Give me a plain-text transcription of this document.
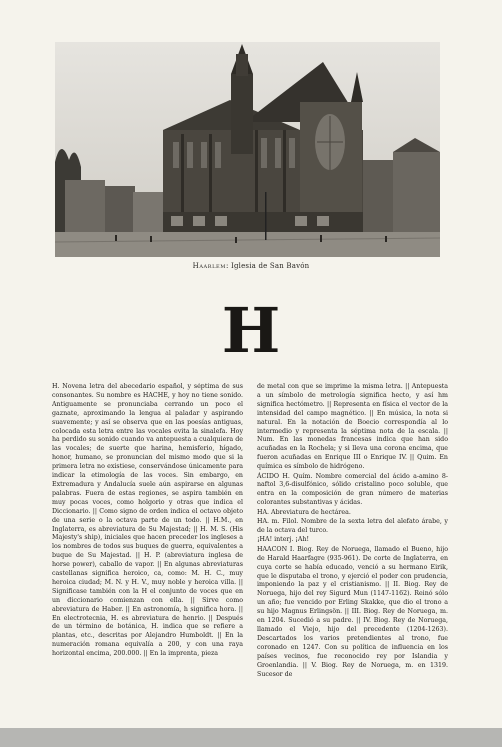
Haarlem: Iglesia de San Bavón
H

H. Novena letra del abecedario español, y séptima de sus consonantes. Su nombre es HACHE, y hoy no tiene sonido. Antiguamente se pronunciaba cerrando un poco el gaznate, aproximando la lengua al paladar y aspirando suavemente; y así se observa que en las poesías antiguas, colocada esta letra entre las vocales evita la sinalefa. Hoy ha perdido su sonido cuando va antepuesta a cualquiera de las vocales; de suerte que harina, hemisferio, hígado, honor, humano, se pronuncian del mismo modo que si la primera letra no existiese, conservándose únicamente para indicar la etimología de las voces. Sin embargo, en Extremadura y Andalucía suele aún aspirarse en algunas palabras. Fuera de estas regiones, se aspira también en muy pocas voces, como holgorio y otras que indica el Diccionario. || Como signo de orden indica el octavo objeto de una serie o la octava parte de un todo. || H.M., en Inglaterra, es abreviatura de Su Majestad; || H. M. S. (His Majesty's ship), iniciales que hacen preceder los ingleses a los nombres de todos sus buques de guerra, equivalentes a buque de Su Majestad. || H. P. (abreviatura inglesa de horse power), caballo de vapor. || En algunas abreviaturas castellanas significa heroico, ca, como: M. H. C., muy heroica ciudad; M. N. y H. V., muy noble y heroica villa. || Significase también con la H el conjunto de voces que en un diccionario comienzan con ella. || Sirve como abreviatura de Haber. || En astronomía, h significa hora. || En electrotecnia, H. es abreviatura de henrio. || Después de un término de botánica, H. indica que se refiere a plantas, etc., descritas por Alejandro Humboldt. || En la numeración romana equivalía a 200, y con una raya horizontal encima, 200.000. || En la imprenta, pieza

de metal con que se imprime la misma letra. || Antepuesta a un símbolo de metrología significa hecto, y así hm significa hectómetro. || Representa en física el vector de la intensidad del campo magnético. || En música, la nota si natural. En la notación de Boecio correspondía al lo intermedio y representa la séptima nota de la escala. || Num. En las monedas francesas indica que han sido acuñadas en la Rochela; y si lleva una corona encima, que fueron acuñadas en Enrique III o Enrique IV. || Quim. En química es símbolo de hidrógeno.

ÁCIDO H. Quím. Nombre comercial del ácido a-amino 8-naftol 3,6-disulfónico, sólido cristalino poco soluble, que entra en la composición de gran número de materias colorantes substantivas y ácidas.

HA. Abreviatura de hectárea.

HA. m. Filol. Nombre de la sexta letra del alefato árabe, y de la octava del turco.

¡HA! interj. ¡Ah!

HAACON I. Biog. Rey de Noruega, llamado el Bueno, hijo de Harald Haarfagre (935-961). De corte de Inglaterra, en cuya corte se había educado, venció a su hermano Eirik, que le disputaba el trono, y ejerció el poder con prudencia, imponiendo la paz y el cristianismo. || II. Biog. Rey de Noruega, hijo del rey Sigurd Mun (1147-1162). Reinó sólo un año; fue vencido por Erling Skakke, que dio el trono a su hijo Magnus Erlingsön. || III. Biog. Rey de Noruega, m. en 1204. Sucedió a su padre. || IV. Biog. Rey de Noruega, llamado el Viejo, hijo del precedente (1204-1263). Descartados los varios pretendientes al trono, fue coronado en 1247. Con su política de influencia en los países vecinos, fue reconocido rey por Islandia y Groenlandia. || V. Biog. Rey de Noruega, m. en 1319. Sucesor de
